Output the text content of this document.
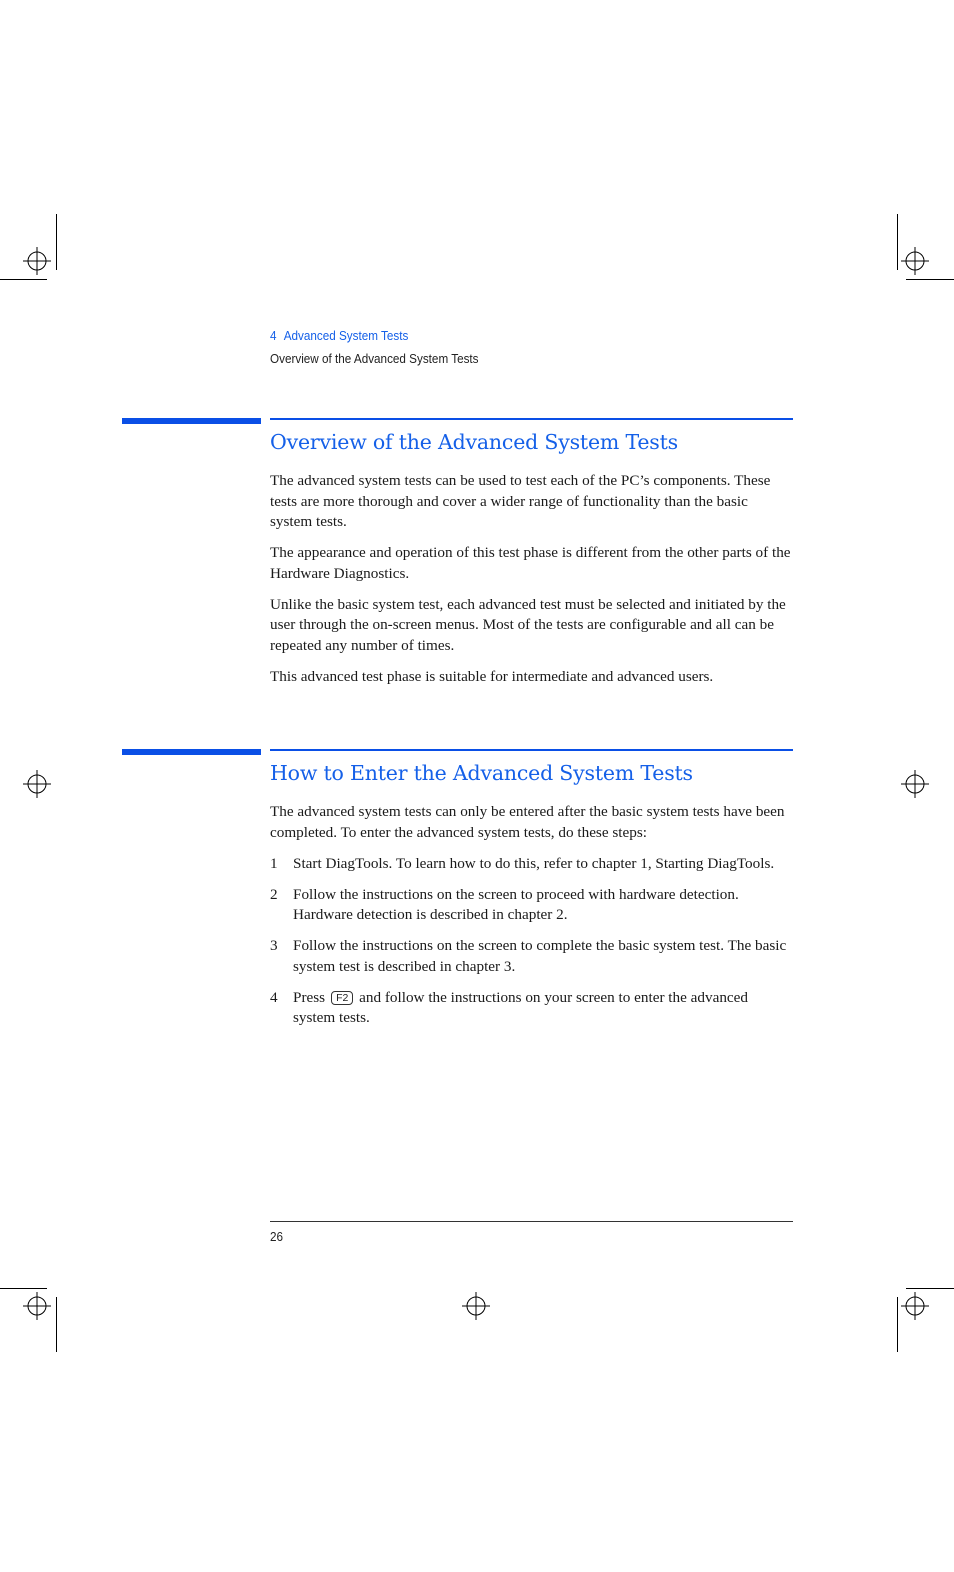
4 Advanced System Tests
Overview of the Advanced System Tests
Overview of the Advanced System Tests

The advanced system tests can be used to test each of the PC’s components. These tests are more thorough and cover a wider range of functionality than the basic system tests.

The appearance and operation of this test phase is different from the other parts of the Hardware Diagnostics.

Unlike the basic system test, each advanced test must be selected and initiated by the user through the on-screen menus. Most of the tests are configurable and all can be repeated any number of times.

This advanced test phase is suitable for intermediate and advanced users.

How to Enter the Advanced System Tests

The advanced system tests can only be entered after the basic system tests have been completed. To enter the advanced system tests, do these steps:

1 Start DiagTools. To learn how to do this, refer to chapter 1, Starting DiagTools.
2 Follow the instructions on the screen to proceed with hardware detection. Hardware detection is described in chapter 2.
3 Follow the instructions on the screen to complete the basic system test. The basic system test is described in chapter 3.
4 Press F2 and follow the instructions on your screen to enter the advanced system tests.
26
